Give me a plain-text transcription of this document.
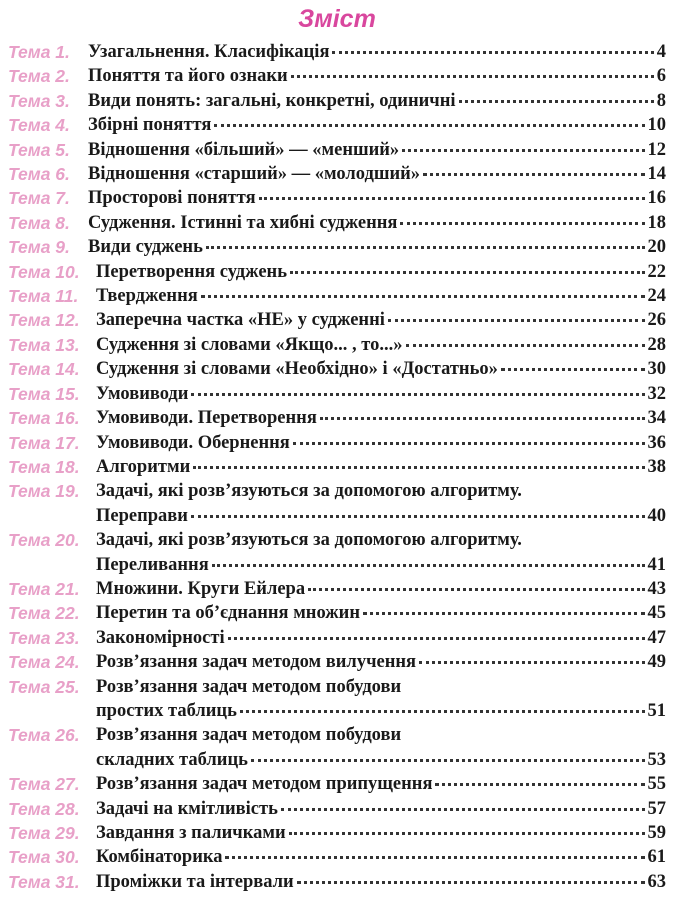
Зміст
Тема 1. Узагальнення. Класифікація	4
Тема 2. Поняття та його ознаки	6
Тема 3. Види понять: загальні, конкретні, одиничні	8
Тема 4. Збірні поняття	10
Тема 5. Відношення «більший» — «менший»	12
Тема 6. Відношення «старший» — «молодший»	14
Тема 7. Просторові поняття	16
Тема 8. Судження. Істинні та хибні судження	18
Тема 9. Види суджень	20
Тема 10. Перетворення суджень	22
Тема 11. Твердження	24
Тема 12. Заперечна частка «НЕ» у судженні	26
Тема 13. Судження зі словами «Якщо... , то...»	28
Тема 14. Судження зі словами «Необхідно» і «Достатньо»	30
Тема 15. Умовиводи	32
Тема 16. Умовиводи. Перетворення	34
Тема 17. Умовиводи. Обернення	36
Тема 18. Алгоритми	38
Тема 19. Задачі, які розв’язуються за допомогою алгоритму.
Переправи	40
Тема 20. Задачі, які розв’язуються за допомогою алгоритму.
Переливання	41
Тема 21. Множини. Круги Ейлера	43
Тема 22. Перетин та об’єднання множин	45
Тема 23. Закономірності	47
Тема 24. Розв’язання задач методом вилучення	49
Тема 25. Розв’язання задач методом побудови
простих таблиць	51
Тема 26. Розв’язання задач методом побудови
складних таблиць	53
Тема 27. Розв’язання задач методом припущення	55
Тема 28. Задачі на кмітливість	57
Тема 29. Завдання з паличками	59
Тема 30. Комбінаторика	61
Тема 31. Проміжки та інтервали	63
